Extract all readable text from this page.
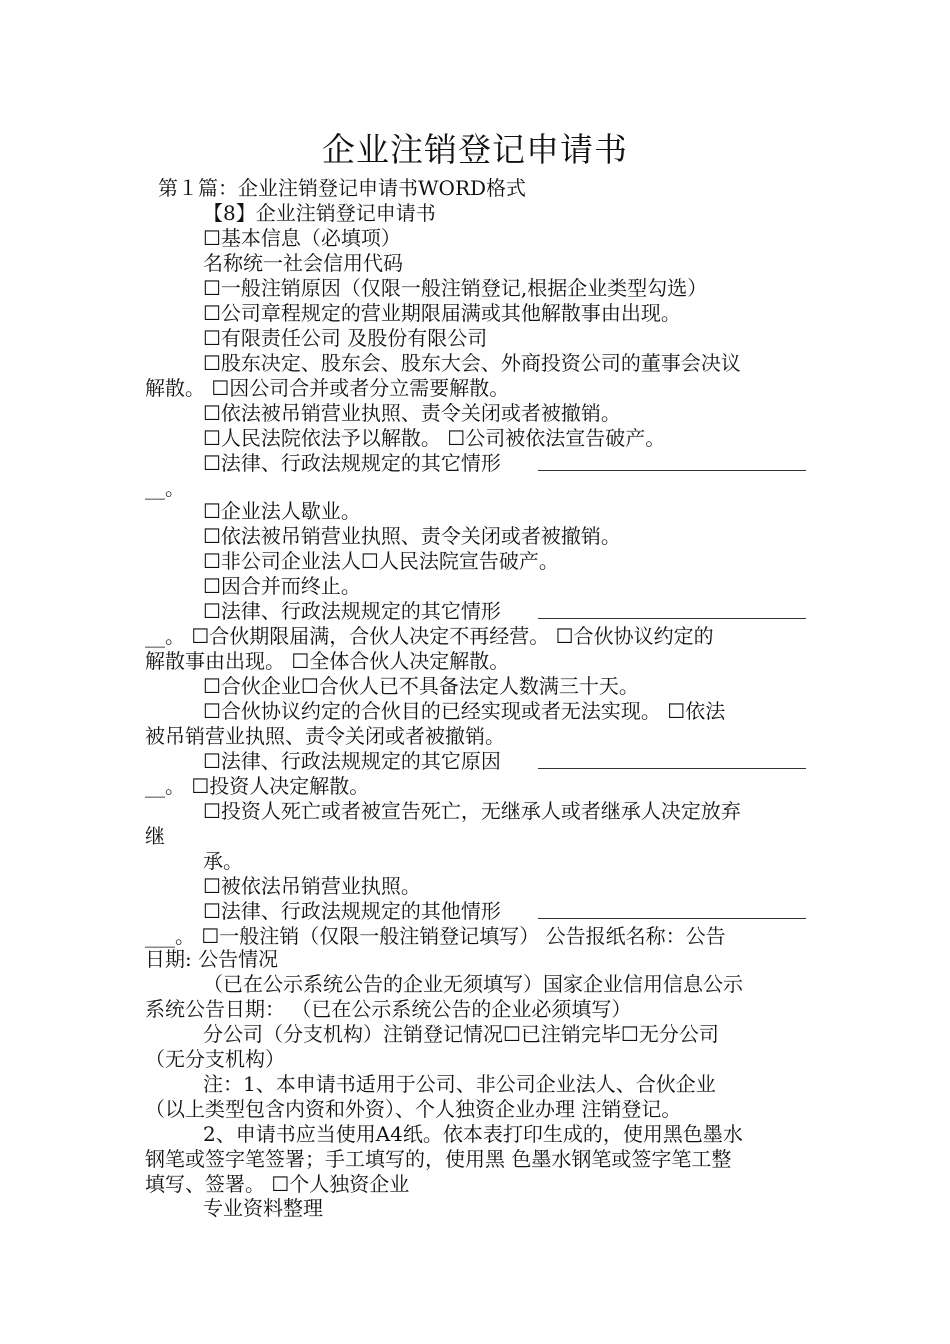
企业注销登记申请书
第１篇：企业注销登记申请书WORD格式
【8】企业注销登记申请书
☐基本信息（必填项）
名称统一社会信用代码
☐一般注销原因（仅限一般注销登记,根据企业类型勾选）
☐公司章程规定的营业期限届满或其他解散事由出现。
☐有限责任公司 及股份有限公司
☐股东决定、股东会、股东大会、外商投资公司的董事会决议
解散。 ☐因公司合并或者分立需要解散。
☐依法被吊销营业执照、责令关闭或者被撤销。
☐人民法院依法予以解散。 ☐公司被依法宣告破产。
☐法律、行政法规规定的其它情形
__。
☐企业法人歇业。
☐依法被吊销营业执照、责令关闭或者被撤销。
☐非公司企业法人☐人民法院宣告破产。
☐因合并而终止。
☐法律、行政法规规定的其它情形
__。 ☐合伙期限届满，合伙人决定不再经营。 ☐合伙协议约定的
解散事由出现。 ☐全体合伙人决定解散。
☐合伙企业☐合伙人已不具备法定人数满三十天。
☐合伙协议约定的合伙目的已经实现或者无法实现。 ☐依法
被吊销营业执照、责令关闭或者被撤销。
☐法律、行政法规规定的其它原因
__。 ☐投资人决定解散。
☐投资人死亡或者被宣告死亡，无继承人或者继承人决定放弃
继
承。
☐被依法吊销营业执照。
☐法律、行政法规规定的其他情形
___。 ☐一般注销（仅限一般注销登记填写） 公告报纸名称：公告
日期: 公告情况
（已在公示系统公告的企业无须填写）国家企业信用信息公示
系统公告日期： （已在公示系统公告的企业必须填写）
分公司（分支机构）注销登记情况☐已注销完毕☐无分公司
（无分支机构）
注：1、本申请书适用于公司、非公司企业法人、合伙企业
（以上类型包含内资和外资）、个人独资企业办理 注销登记。
2、申请书应当使用A4纸。依本表打印生成的，使用黑色墨水
钢笔或签字笔签署；手工填写的，使用黑 色墨水钢笔或签字笔工整
填写、签署。 ☐个人独资企业
专业资料整理
